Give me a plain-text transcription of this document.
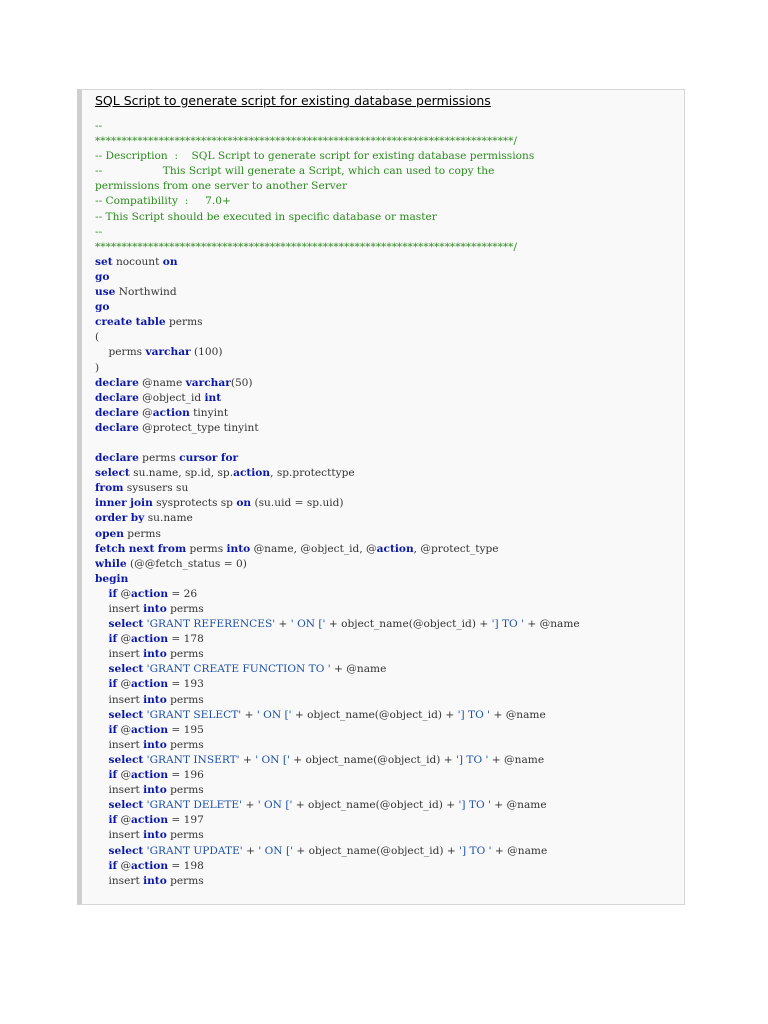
SQL Script to generate script for existing database permissions
--
*******************************************************************************/
-- Description  :    SQL Script to generate script for existing database permissions
--                  This Script will generate a Script, which can used to copy the
permissions from one server to another Server
-- Compatibility  :     7.0+
-- This Script should be executed in specific database or master
--
*******************************************************************************/
set nocount on
go
use Northwind
go
create table perms
(
perms varchar (100)
)
declare @name varchar(50)
declare @object_id int
declare @action tinyint
declare @protect_type tinyint
declare perms cursor for
select su.name, sp.id, sp.action, sp.protecttype
from sysusers su
inner join sysprotects sp on (su.uid = sp.uid)
order by su.name
open perms
fetch next from perms into @name, @object_id, @action, @protect_type
while (@@fetch_status = 0)
begin
if @action = 26
insert into perms
select 'GRANT REFERENCES' + ' ON [' + object_name(@object_id) + '] TO ' + @name
if @action = 178
insert into perms
select 'GRANT CREATE FUNCTION TO ' + @name
if @action = 193
insert into perms
select 'GRANT SELECT' + ' ON [' + object_name(@object_id) + '] TO ' + @name
if @action = 195
insert into perms
select 'GRANT INSERT' + ' ON [' + object_name(@object_id) + '] TO ' + @name
if @action = 196
insert into perms
select 'GRANT DELETE' + ' ON [' + object_name(@object_id) + '] TO ' + @name
if @action = 197
insert into perms
select 'GRANT UPDATE' + ' ON [' + object_name(@object_id) + '] TO ' + @name
if @action = 198
insert into perms
